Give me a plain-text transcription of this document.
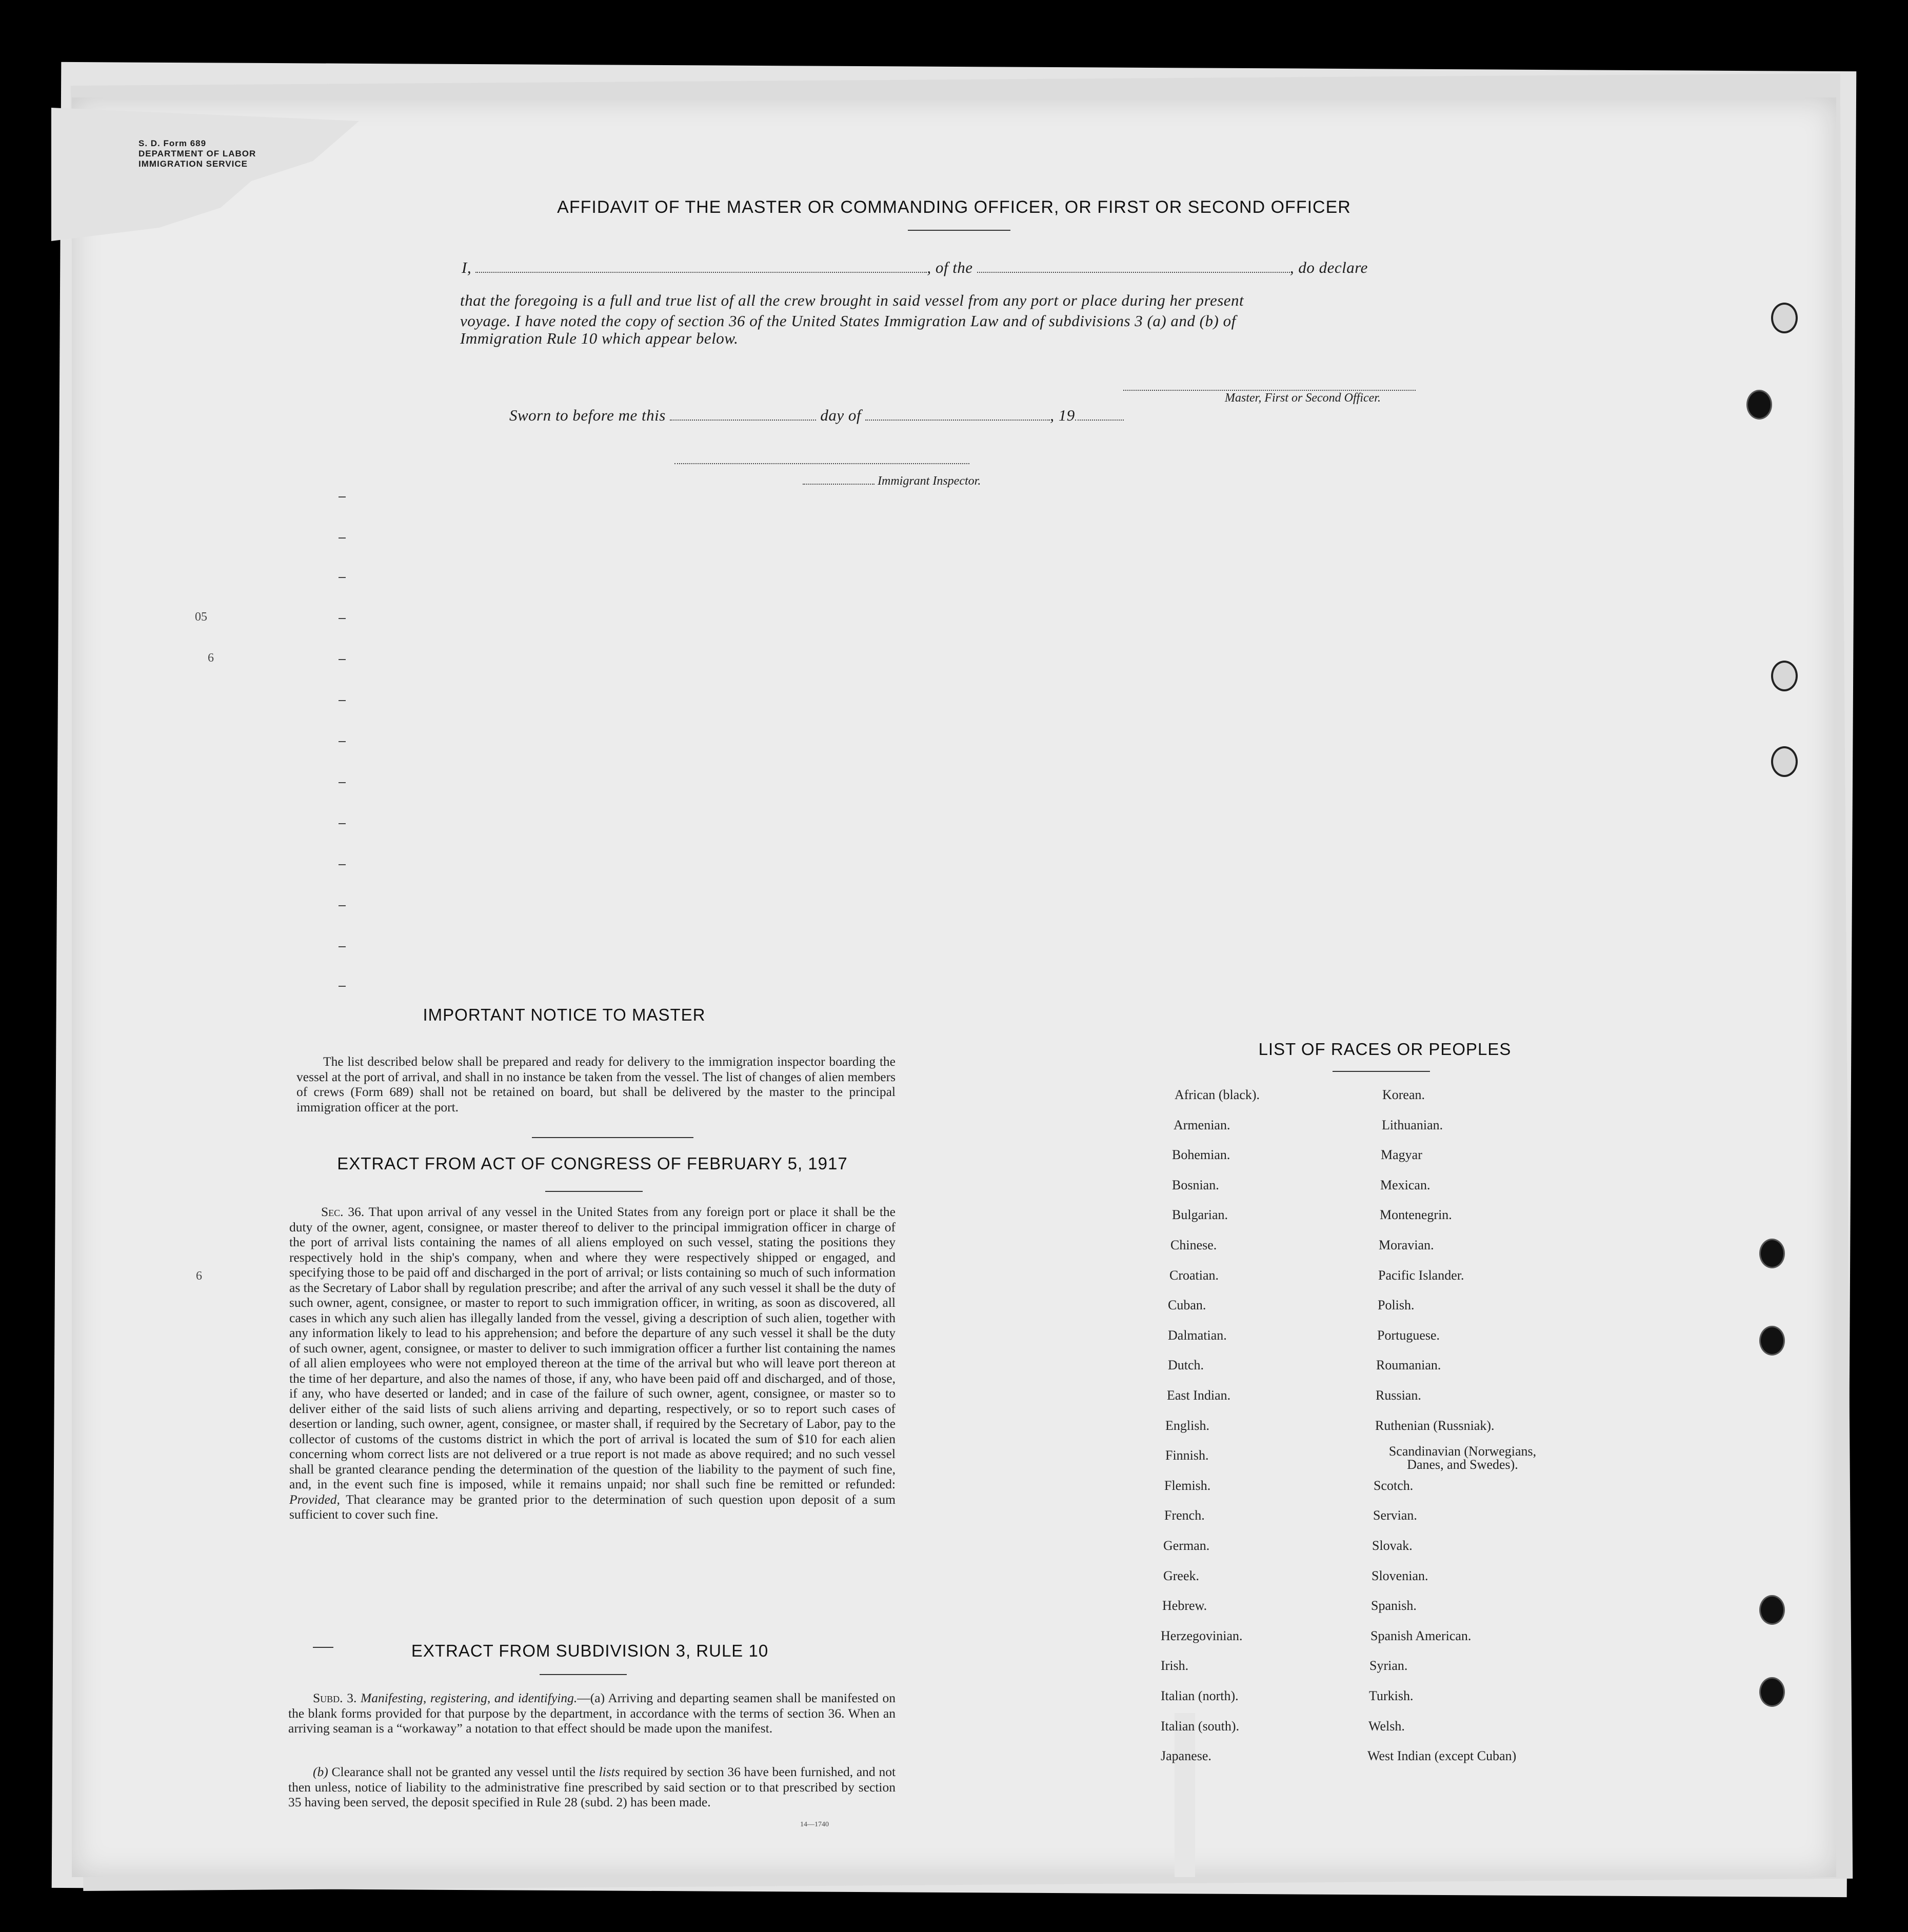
S. D. Form 689
DEPARTMENT OF LABOR
IMMIGRATION SERVICE
AFFIDAVIT OF THE MASTER OR COMMANDING OFFICER, OR FIRST OR SECOND OFFICER
I,	, of the	, do declare
that the foregoing is a full and true list of all the crew brought in said vessel from any port or place during her present
voyage. I have noted the copy of section 36 of the United States Immigration Law and of subdivisions 3 (a) and (b) of
Immigration Rule 10 which appear below.
Master, First or Second Officer.
Sworn to before me this	day of	, 19
Immigrant Inspector.
05
6
6
IMPORTANT NOTICE TO MASTER
The list described below shall be prepared and ready for delivery to the immigration inspector boarding the vessel at the port of arrival, and shall in no instance be taken from the vessel. The list of changes of alien members of crews (Form 689) shall not be retained on board, but shall be delivered by the master to the principal immigration officer at the port.
EXTRACT FROM ACT OF CONGRESS OF FEBRUARY 5, 1917
Sec. 36. That upon arrival of any vessel in the United States from any foreign port or place it shall be the duty of the owner, agent, consignee, or master thereof to deliver to the principal immigration officer in charge of the port of arrival lists containing the names of all aliens employed on such vessel, stating the positions they respectively hold in the ship's company, when and where they were respectively shipped or engaged, and specifying those to be paid off and discharged in the port of arrival; or lists containing so much of such information as the Secretary of Labor shall by regulation prescribe; and after the arrival of any such vessel it shall be the duty of such owner, agent, consignee, or master to report to such immigration officer, in writing, as soon as discovered, all cases in which any such alien has illegally landed from the vessel, giving a description of such alien, together with any information likely to lead to his apprehension; and before the departure of any such vessel it shall be the duty of such owner, agent, consignee, or master to deliver to such immigration officer a further list containing the names of all alien employees who were not employed thereon at the time of the arrival but who will leave port thereon at the time of her departure, and also the names of those, if any, who have been paid off and discharged, and of those, if any, who have deserted or landed; and in case of the failure of such owner, agent, consignee, or master so to deliver either of the said lists of such aliens arriving and departing, respectively, or so to report such cases of desertion or landing, such owner, agent, consignee, or master shall, if required by the Secretary of Labor, pay to the collector of customs of the customs district in which the port of arrival is located the sum of $10 for each alien concerning whom correct lists are not delivered or a true report is not made as above required; and no such vessel shall be granted clearance pending the determination of the question of the liability to the payment of such fine, and, in the event such fine is imposed, while it remains unpaid; nor shall such fine be remitted or refunded: Provided, That clearance may be granted prior to the determination of such question upon deposit of a sum sufficient to cover such fine.
EXTRACT FROM SUBDIVISION 3, RULE 10
Subd. 3. Manifesting, registering, and identifying.—(a) Arriving and departing seamen shall be manifested on the blank forms provided for that purpose by the department, in accordance with the terms of section 36. When an arriving seaman is a “workaway” a notation to that effect should be made upon the manifest.
(b) Clearance shall not be granted any vessel until the lists required by section 36 have been furnished, and not then unless, notice of liability to the administrative fine prescribed by said section or to that prescribed by section 35 having been served, the deposit specified in Rule 28 (subd. 2) has been made.
14—1740
LIST OF RACES OR PEOPLES
African (black).
Armenian.
Bohemian.
Bosnian.
Bulgarian.
Chinese.
Croatian.
Cuban.
Dalmatian.
Dutch.
East Indian.
English.
Finnish.
Flemish.
French.
German.
Greek.
Hebrew.
Herzegovinian.
Irish.
Italian (north).
Italian (south).
Japanese.
Korean.
Lithuanian.
Magyar
Mexican.
Montenegrin.
Moravian.
Pacific Islander.
Polish.
Portuguese.
Roumanian.
Russian.
Ruthenian (Russniak).
Scandinavian (Norwegians, Danes, and Swedes).
Scotch.
Servian.
Slovak.
Slovenian.
Spanish.
Spanish American.
Syrian.
Turkish.
Welsh.
West Indian (except Cuban)
